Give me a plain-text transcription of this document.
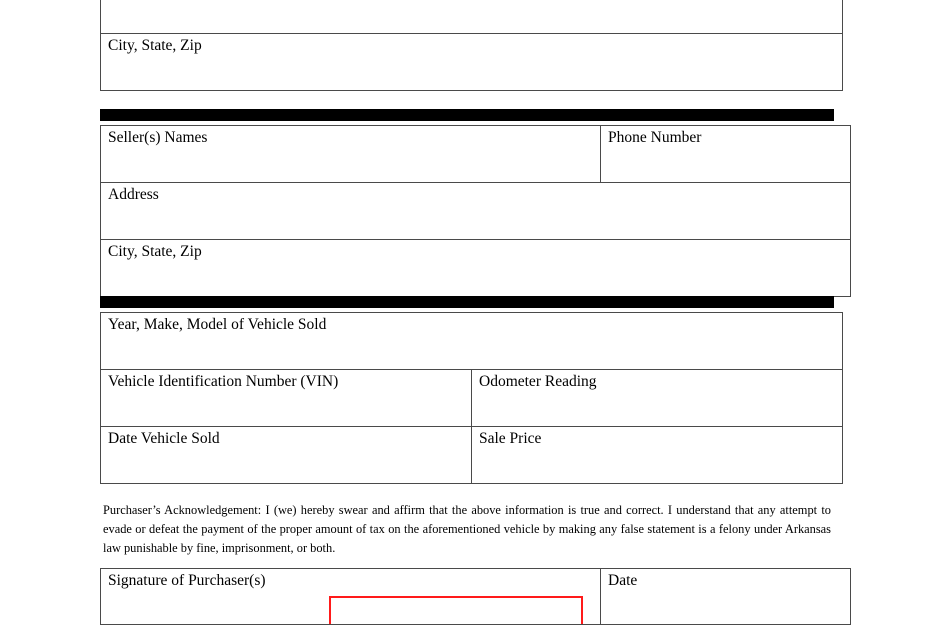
City, State, Zip
Seller(s) Names	Phone Number
Address
City, State, Zip
Year, Make, Model of Vehicle Sold	
Vehicle Identification Number (VIN)	Odometer Reading
Date Vehicle Sold	Sale Price

Purchaser’s Acknowledgement: I (we) hereby swear and affirm that the above information is true and correct. I understand that any attempt to evade or defeat the payment of the proper amount of tax on the aforementioned vehicle by making any false statement is a felony under Arkansas law punishable by fine, imprisonment, or both.

Signature of Purchaser(s)	Date
